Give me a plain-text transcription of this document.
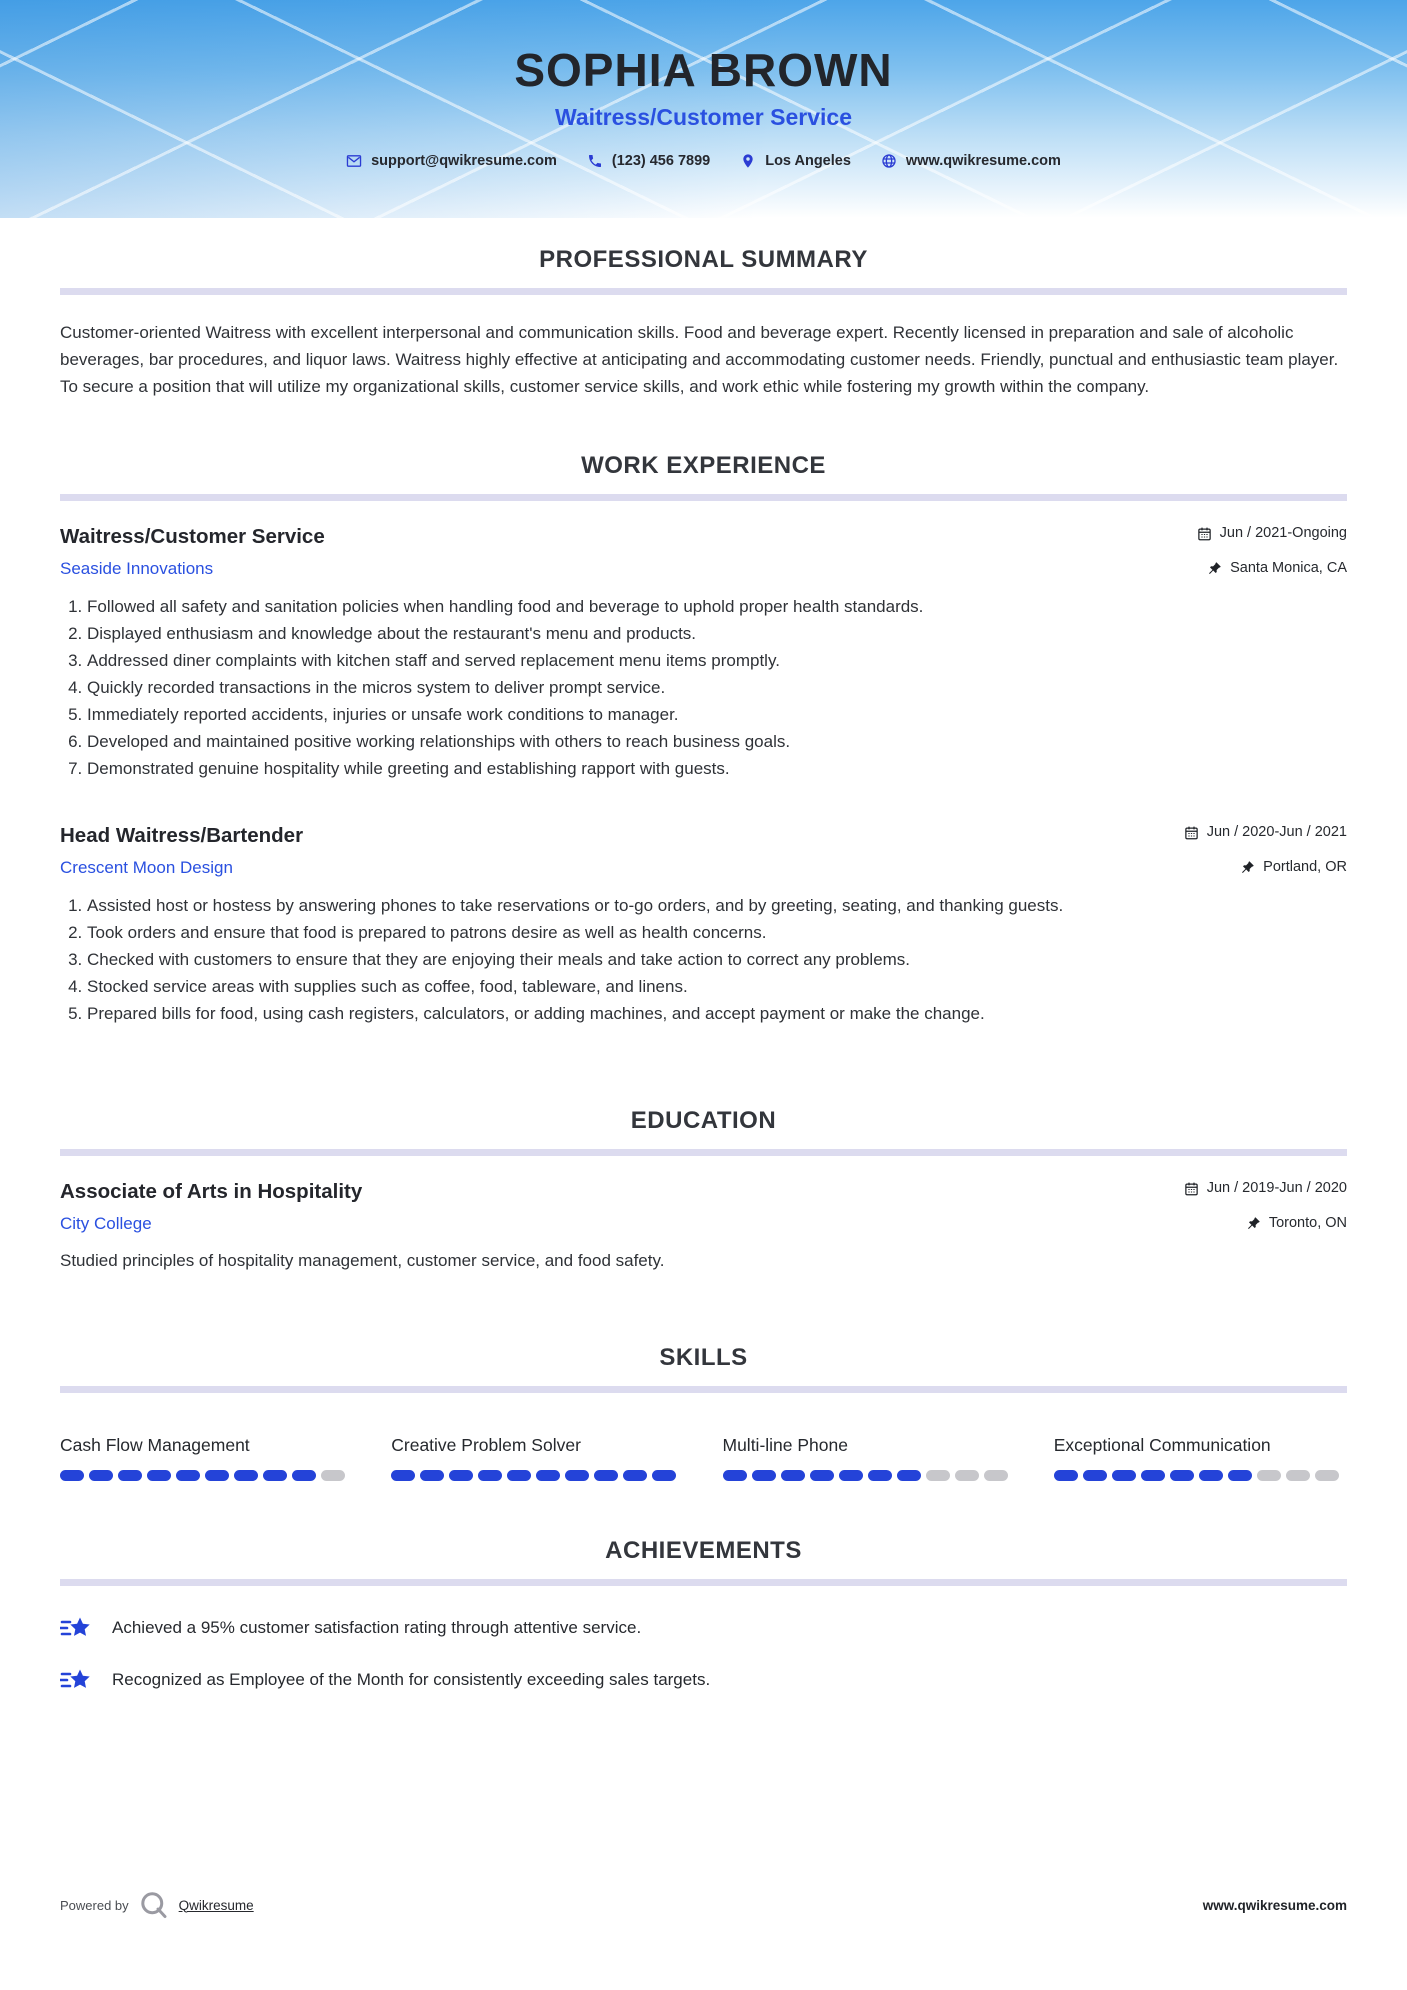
SOPHIA BROWN
Waitress/Customer Service
support@qwikresume.com	(123) 456 7899	Los Angeles	www.qwikresume.com
PROFESSIONAL SUMMARY

Customer-oriented Waitress with excellent interpersonal and communication skills. Food and beverage expert. Recently licensed in preparation and sale of alcoholic beverages, bar procedures, and liquor laws. Waitress highly effective at anticipating and accommodating customer needs. Friendly, punctual and enthusiastic team player. To secure a position that will utilize my organizational skills, customer service skills, and work ethic while fostering my growth within the company.

WORK EXPERIENCE
Waitress/Customer Service	Jun / 2021-Ongoing
Seaside Innovations	Santa Monica, CA
1. Followed all safety and sanitation policies when handling food and beverage to uphold proper health standards.
2. Displayed enthusiasm and knowledge about the restaurant's menu and products.
3. Addressed diner complaints with kitchen staff and served replacement menu items promptly.
4. Quickly recorded transactions in the micros system to deliver prompt service.
5. Immediately reported accidents, injuries or unsafe work conditions to manager.
6. Developed and maintained positive working relationships with others to reach business goals.
7. Demonstrated genuine hospitality while greeting and establishing rapport with guests.
Head Waitress/Bartender	Jun / 2020-Jun / 2021
Crescent Moon Design	Portland, OR
1. Assisted host or hostess by answering phones to take reservations or to-go orders, and by greeting, seating, and thanking guests.
2. Took orders and ensure that food is prepared to patrons desire as well as health concerns.
3. Checked with customers to ensure that they are enjoying their meals and take action to correct any problems.
4. Stocked service areas with supplies such as coffee, food, tableware, and linens.
5. Prepared bills for food, using cash registers, calculators, or adding machines, and accept payment or make the change.
EDUCATION
Associate of Arts in Hospitality	Jun / 2019-Jun / 2020
City College	Toronto, ON

Studied principles of hospitality management, customer service, and food safety.

SKILLS
Cash Flow Management	Creative Problem Solver	Multi-line Phone	Exceptional Communication
ACHIEVEMENTS
Achieved a 95% customer satisfaction rating through attentive service.
Recognized as Employee of the Month for consistently exceeding sales targets.
Powered by	Qwikresume	www.qwikresume.com
